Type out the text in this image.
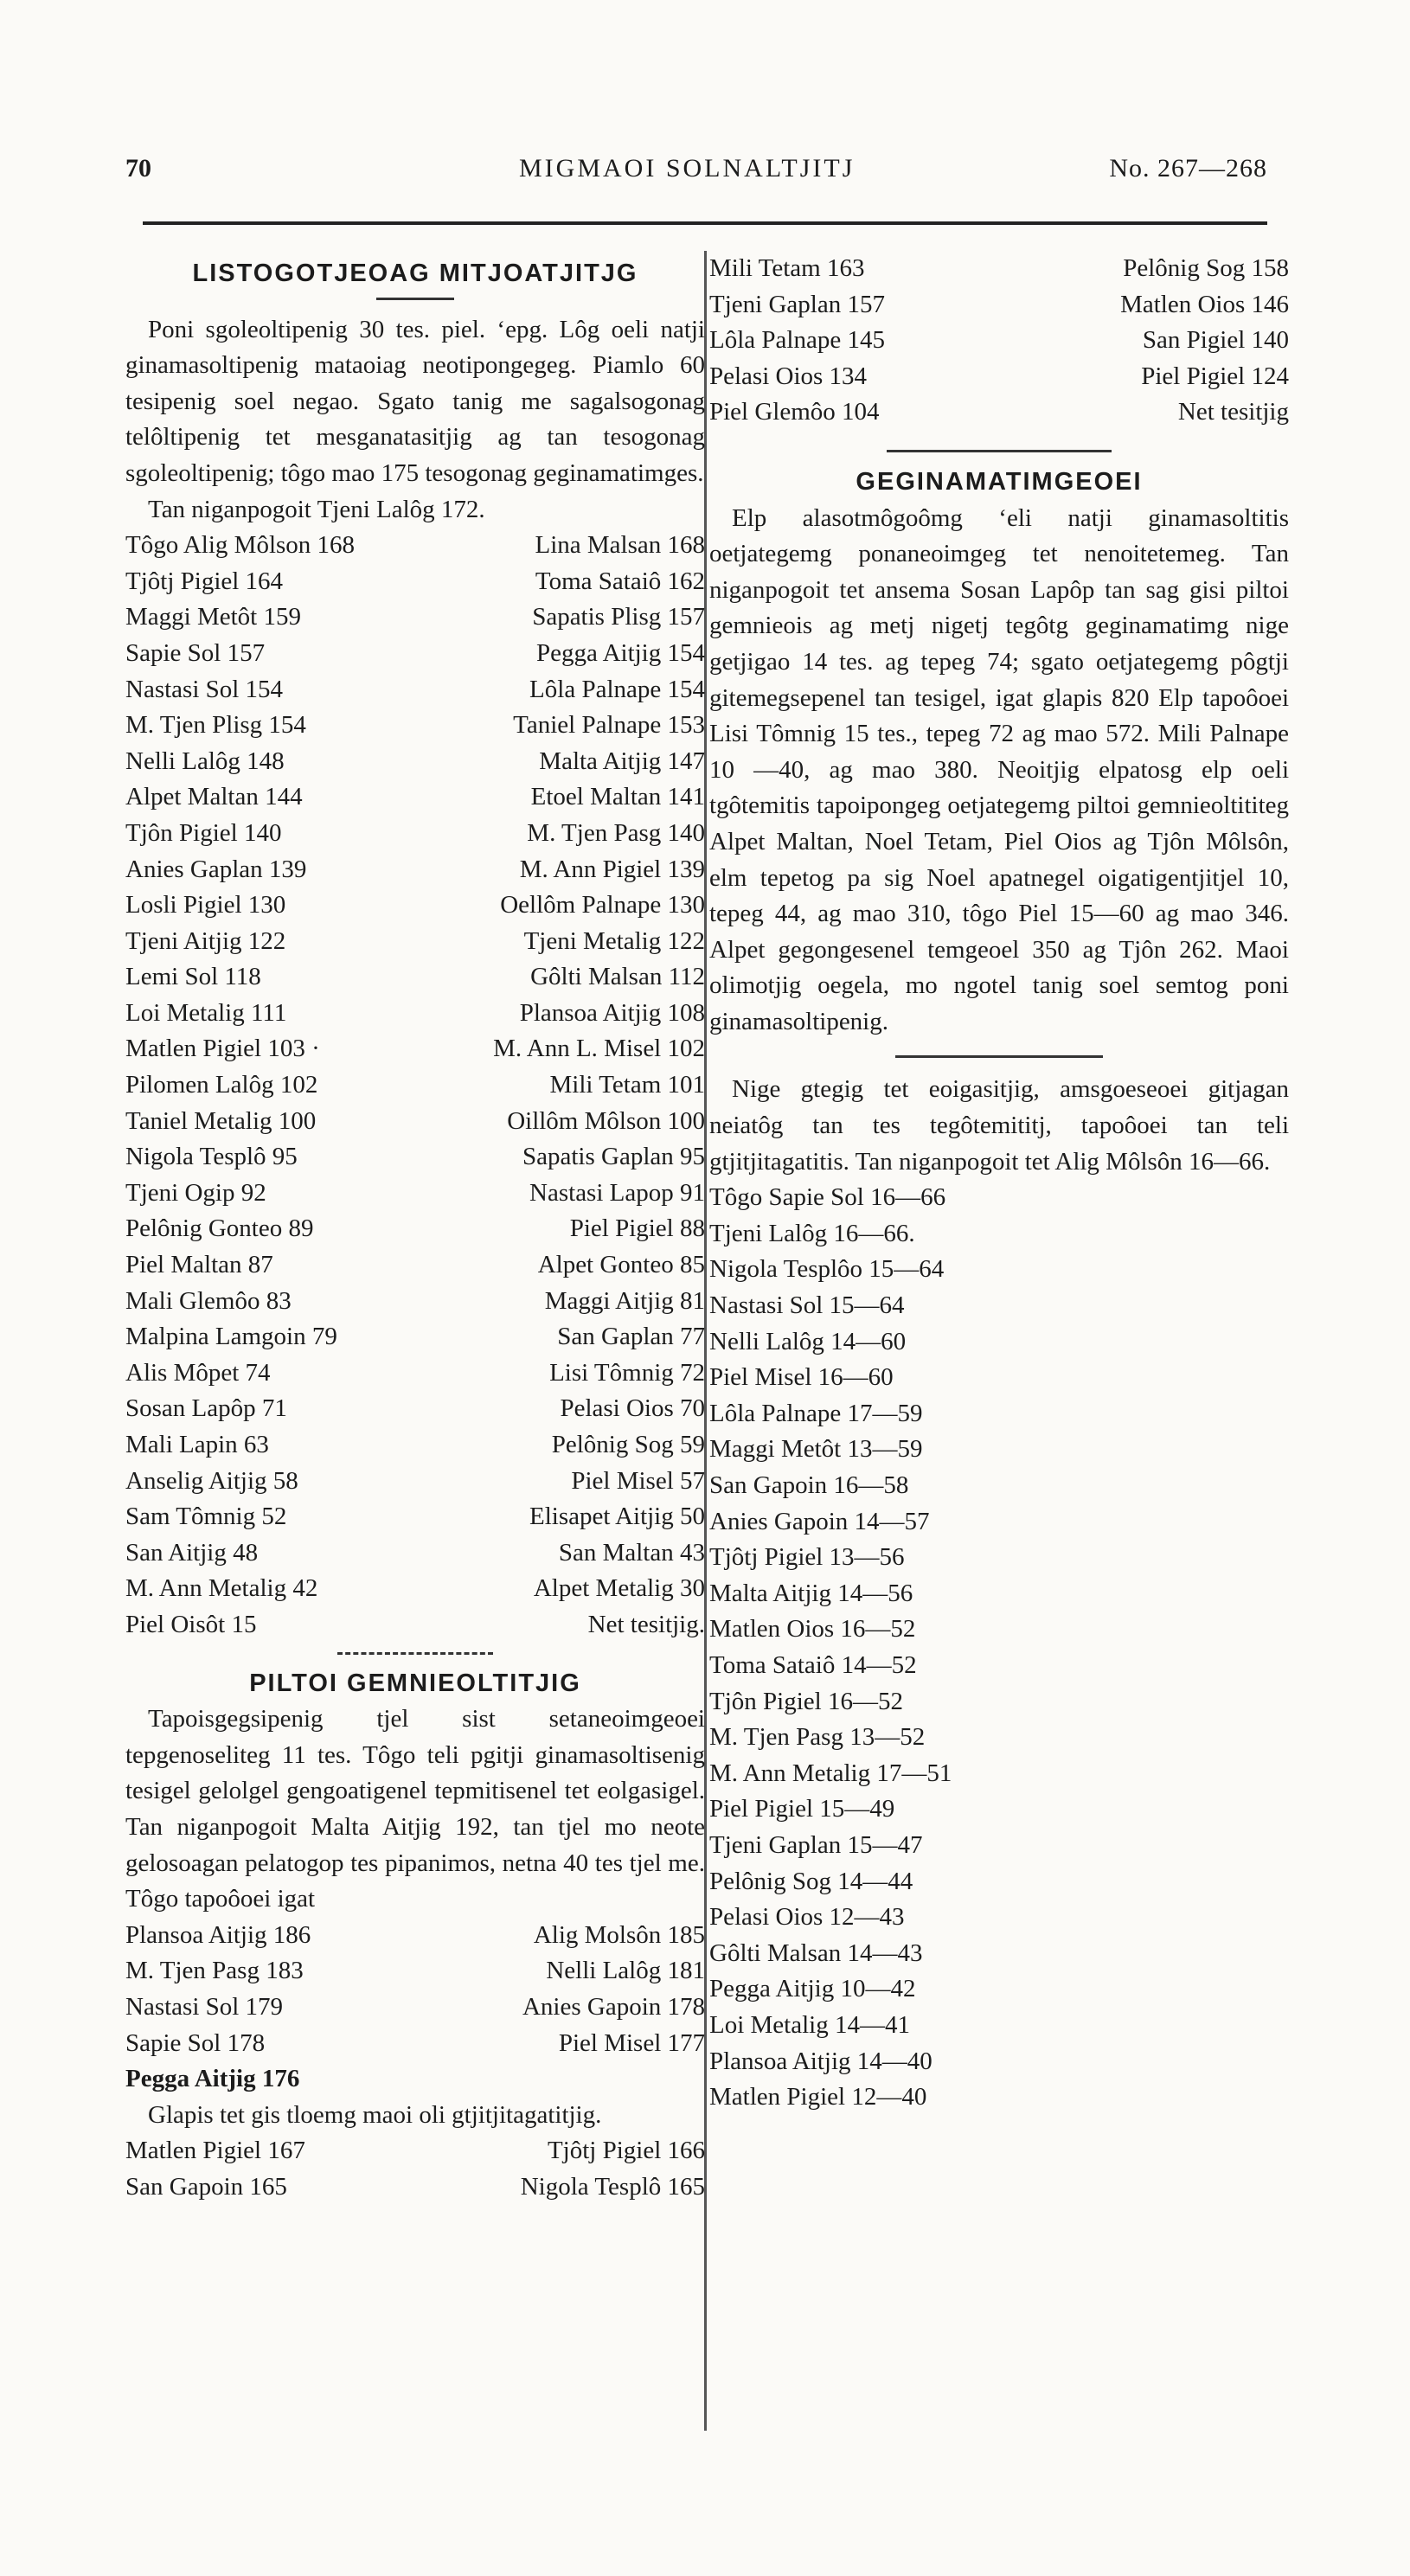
70	MIGMAOI SOLNALTJITJ	No. 267—268
LISTOGOTJEOAG MITJOATJITJG

Poni sgoleoltipenig 30 tes. piel. ‘epg. Lôg oeli natji ginamasoltipenig mataoiag neotipongegeg. Piamlo 60 tesipenig soel negao. Sgato tanig me sagalsogonag telôltipenig tet mesganatasitjig ag tan tesogonag sgoleoltipenig; tôgo mao 175 tesogonag geginamatimges.

Tan niganpogoit Tjeni Lalôg 172.

Tôgo Alig Môlson 168	Lina Malsan 168
Tjôtj Pigiel 164	Toma Sataiô 162
Maggi Metôt 159	Sapatis Plisg 157
Sapie Sol 157	Pegga Aitjig 154
Nastasi Sol 154	Lôla Palnape 154
M. Tjen Plisg 154	Taniel Palnape 153
Nelli Lalôg 148	Malta Aitjig 147
Alpet Maltan 144	Etoel Maltan 141
Tjôn Pigiel 140	M. Tjen Pasg 140
Anies Gaplan 139	M. Ann Pigiel 139
Losli Pigiel 130	Oellôm Palnape 130
Tjeni Aitjig 122	Tjeni Metalig 122
Lemi Sol 118	Gôlti Malsan 112
Loi Metalig 111	Plansoa Aitjig 108
Matlen Pigiel 103 ·	M. Ann L. Misel 102
Pilomen Lalôg 102	Mili Tetam 101
Taniel Metalig 100	Oillôm Môlson 100
Nigola Tesplô 95	Sapatis Gaplan 95
Tjeni Ogip 92	Nastasi Lapop 91
Pelônig Gonteo 89	Piel Pigiel 88
Piel Maltan 87	Alpet Gonteo 85
Mali Glemôo 83	Maggi Aitjig 81
Malpina Lamgoin 79	San Gaplan 77
Alis Môpet 74	Lisi Tômnig 72
Sosan Lapôp 71	Pelasi Oios 70
Mali Lapin 63	Pelônig Sog 59
Anselig Aitjig 58	Piel Misel 57
Sam Tômnig 52	Elisapet Aitjig 50
San Aitjig 48	San Maltan 43
M. Ann Metalig 42	Alpet Metalig 30
Piel Oisôt 15	Net tesitjig.
PILTOI GEMNIEOLTITJIG

Tapoisgegsipenig tjel sist setaneoimgeoei tepgenoseliteg 11 tes. Tôgo teli pgitji ginamasoltisenig tesigel gelolgel gengoatigenel tepmitisenel tet eolgasigel. Tan niganpogoit Malta Aitjig 192, tan tjel mo neote gelosoagan pelatogop tes pipanimos, netna 40 tes tjel me. Tôgo tapoôoei igat

Plansoa Aitjig 186	Alig Molsôn 185
M. Tjen Pasg 183	Nelli Lalôg 181
Nastasi Sol 179	Anies Gapoin 178
Sapie Sol 178	Piel Misel 177
Pegga Aitjig 176

Glapis tet gis tloemg maoi oli gtjitjitagatitjig.

Matlen Pigiel 167	Tjôtj Pigiel 166
San Gapoin 165	Nigola Tesplô 165
Mili Tetam 163	Pelônig Sog 158
Tjeni Gaplan 157	Matlen Oios 146
Lôla Palnape 145	San Pigiel 140
Pelasi Oios 134	Piel Pigiel 124
Piel Glemôo 104	Net tesitjig
GEGINAMATIMGEOEI

Elp alasotmôgoômg ‘eli natji ginamasoltitis oetjategemg ponaneoimgeg tet nenoitetemeg. Tan niganpogoit tet ansema Sosan Lapôp tan sag gisi piltoi gemnieois ag metj nigetj tegôtg geginamatimg nige getjigao 14 tes. ag tepeg 74; sgato oetjategemg pôgtji gitemegsepenel tan tesigel, igat glapis 820 Elp tapoôoei Lisi Tômnig 15 tes., tepeg 72 ag mao 572. Mili Palnape 10 —40, ag mao 380. Neoitjig elpatosg elp oeli tgôtemitis tapoipongeg oetjategemg piltoi gemnieoltititeg Alpet Maltan, Noel Tetam, Piel Oios ag Tjôn Môlsôn, elm tepetog pa sig Noel apatnegel oigatigentjitjel 10, tepeg 44, ag mao 310, tôgo Piel 15—60 ag mao 346. Alpet gegongesenel temgeoel 350 ag Tjôn 262. Maoi olimotjig oegela, mo ngotel tanig soel semtog poni ginamasoltipenig.

Nige gtegig tet eoigasitjig, amsgoeseoei gitjagan neiatôg tan tes tegôtemititj, tapoôoei tan teli gtjitjitagatitis. Tan niganpogoit tet Alig Môlsôn 16—66.

Tôgo Sapie Sol 16—66
Tjeni Lalôg 16—66.
Nigola Tesplôo 15—64
Nastasi Sol 15—64
Nelli Lalôg 14—60
Piel Misel 16—60
Lôla Palnape 17—59
Maggi Metôt 13—59
San Gapoin 16—58
Anies Gapoin 14—57
Tjôtj Pigiel 13—56
Malta Aitjig 14—56
Matlen Oios 16—52
Toma Sataiô 14—52
Tjôn Pigiel 16—52
M. Tjen Pasg 13—52
M. Ann Metalig 17—51
Piel Pigiel 15—49
Tjeni Gaplan 15—47
Pelônig Sog 14—44
Pelasi Oios 12—43
Gôlti Malsan 14—43
Pegga Aitjig 10—42
Loi Metalig 14—41
Plansoa Aitjig 14—40
Matlen Pigiel 12—40
